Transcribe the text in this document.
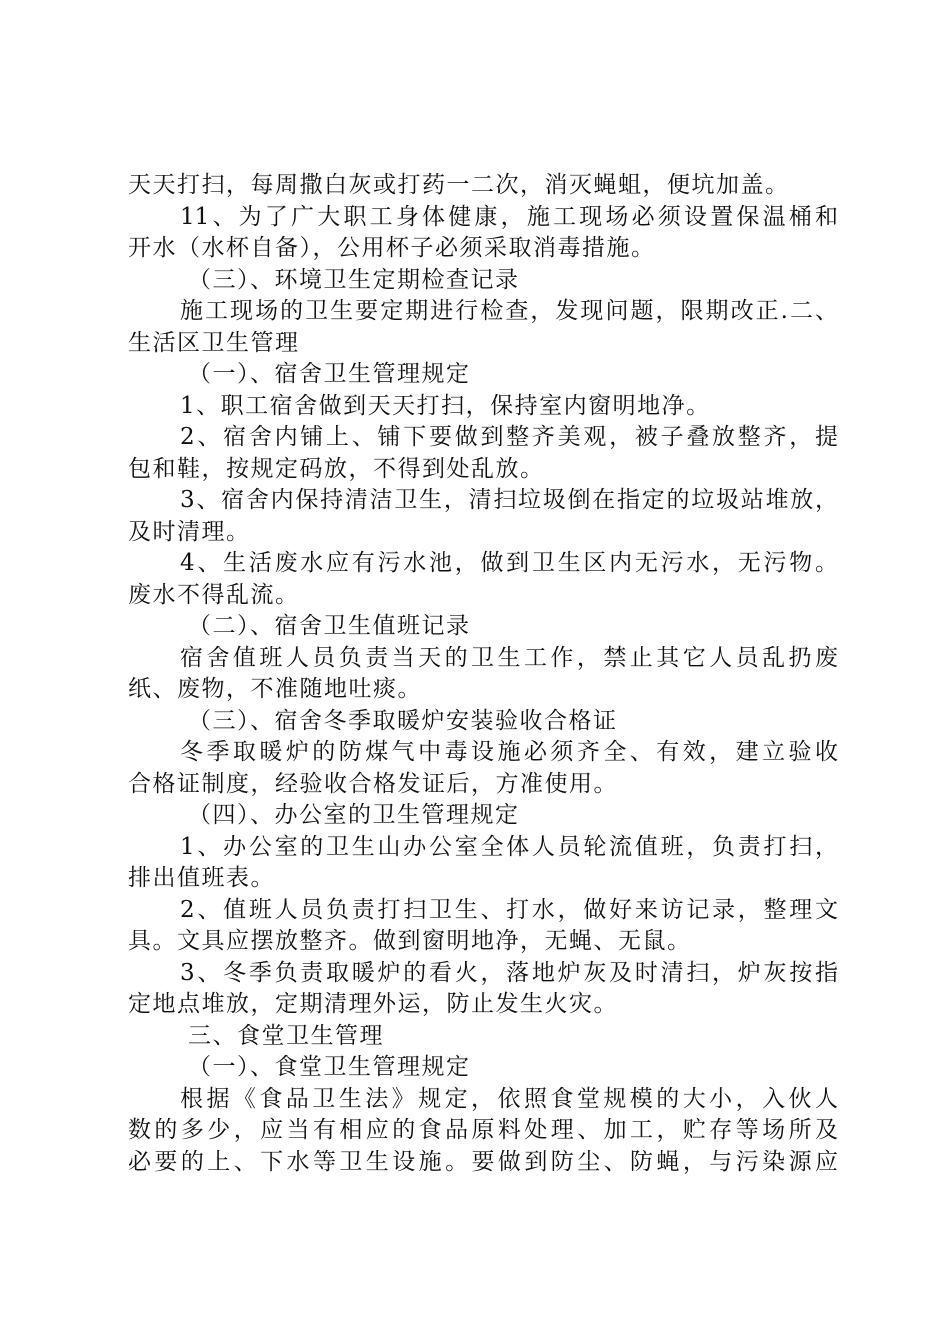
天天打扫，每周撒白灰或打药一二次，消灭蝇蛆，便坑加盖。
11、为了广大职工身体健康，施工现场必须设置保温桶和
开水（水杯自备），公用杯子必须采取消毒措施。
（三）、环境卫生定期检查记录
施工现场的卫生要定期进行检查，发现问题，限期改正.二、
生活区卫生管理
（一）、宿舍卫生管理规定
1、职工宿舍做到天天打扫，保持室内窗明地净。
2、宿舍内铺上、铺下要做到整齐美观，被子叠放整齐，提
包和鞋，按规定码放，不得到处乱放。
3、宿舍内保持清洁卫生，清扫垃圾倒在指定的垃圾站堆放，
及时清理。
4、生活废水应有污水池，做到卫生区内无污水，无污物。
废水不得乱流。
（二）、宿舍卫生值班记录
宿舍值班人员负责当天的卫生工作，禁止其它人员乱扔废
纸、废物，不准随地吐痰。
（三）、宿舍冬季取暖炉安装验收合格证
冬季取暖炉的防煤气中毒设施必须齐全、有效，建立验收
合格证制度，经验收合格发证后，方准使用。
（四）、办公室的卫生管理规定
1、办公室的卫生山办公室全体人员轮流值班，负责打扫，
排出值班表。
2、值班人员负责打扫卫生、打水，做好来访记录，整理文
具。文具应摆放整齐。做到窗明地净，无蝇、无鼠。
3、冬季负责取暖炉的看火，落地炉灰及时清扫，炉灰按指
定地点堆放，定期清理外运，防止发生火灾。
三、食堂卫生管理
（一）、食堂卫生管理规定
根据《食品卫生法》规定，依照食堂规模的大小，入伙人
数的多少，应当有相应的食品原料处理、加工，贮存等场所及
必要的上、下水等卫生设施。要做到防尘、防蝇，与污染源应
